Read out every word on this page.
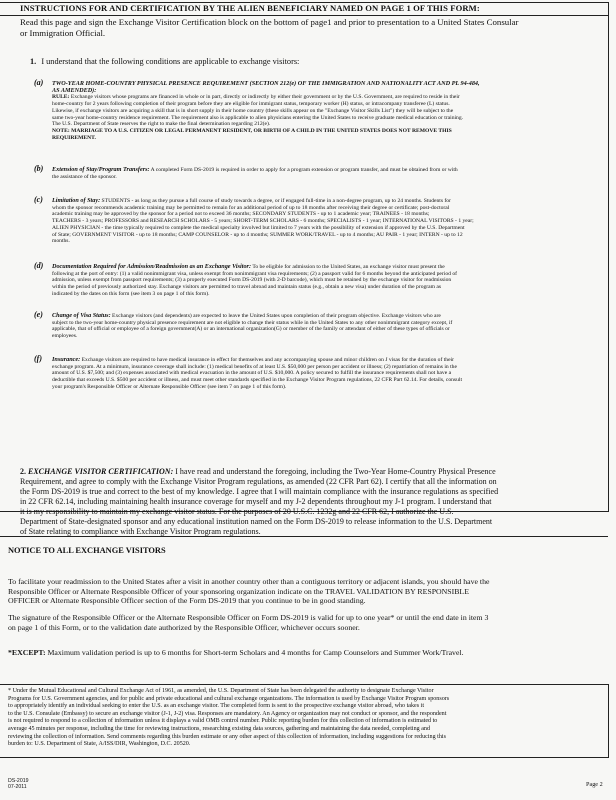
INSTRUCTIONS FOR AND CERTIFICATION BY THE ALIEN BENEFICIARY NAMED ON PAGE 1 OF THIS FORM:
Read this page and sign the Exchange Visitor Certification block on the bottom of page1 and prior to presentation to a United States Consular
or Immigration Official.
1. I understand that the following conditions are applicable to exchange visitors:
(a) TWO-YEAR HOME-COUNTRY PHYSICAL PRESENCE REQUIREMENT (SECTION 212(e) OF THE IMMIGRATION AND NATIONALITY ACT AND PL 94-484,
AS AMENDED):
RULE: Exchange visitors whose programs are financed in whole or in part, directly or indirectly by either their government or by the U.S. Government, are required to reside in their
home-country for 2 years following completion of their program before they are eligible for immigrant status, temporary worker (H) status, or intracompany transferee (L) status.
Likewise, if exchange visitors are acquiring a skill that is in short supply in their home country (these skills appear on the "Exchange Visitor Skills List") they will be subject to the
same two-year home-country residence requirement. The requirement also is applicable to alien physicians entering the United States to receive graduate medical education or training.
The U.S. Department of State reserves the right to make the final determination regarding 212(e).
NOTE: MARRIAGE TO A U.S. CITIZEN OR LEGAL PERMANENT RESIDENT, OR BIRTH OF A CHILD IN THE UNITED STATES DOES NOT REMOVE THIS
REQUIREMENT.
(b) Extension of Stay/Program Transfers: A completed Form DS-2019 is required in order to apply for a program extension or program transfer, and must be obtained from or with
the assistance of the sponsor.
(c) Limitation of Stay: STUDENTS - as long as they pursue a full course of study towards a degree, or if engaged full-time in a non-degree program, up to 24 months. Students for
whom the sponsor recommends academic training may be permitted to remain for an additional period of up to 18 months after receiving their degree or certificate; post-doctoral
academic training may be approved by the sponsor for a period not to exceed 36 months; SECONDARY STUDENTS - up to 1 academic year; TRAINEES - 18 months;
TEACHERS - 3 years; PROFESSORS and RESEARCH SCHOLARS - 5 years; SHORT-TERM SCHOLARS - 6 months; SPECIALISTS - 1 year; INTERNATIONAL VISITORS - 1 year;
ALIEN PHYSICIAN - the time typically required to complete the medical specialty involved but limited to 7 years with the possibility of extension if approved by the U.S. Department
of State; GOVERNMENT VISITOR - up to 18 months; CAMP COUNSELOR - up to 4 months; SUMMER WORK/TRAVEL - up to 4 months; AU PAIR - 1 year; INTERN - up to 12
months.
(d) Documentation Required for Admission/Readmission as an Exchange Visitor: To be eligible for admission to the United States, an exchange visitor must present the
following at the port of entry: (1) a valid nonimmigrant visa, unless exempt from nonimmigrant visa requirements; (2) a passport valid for 6 months beyond the anticipated period of
admission, unless exempt from passport requirements; (3) a properly executed Form DS-2019 (with 2-D barcode), which must be retained by the exchange visitor for readmission
within the period of previously authorized stay. Exchange visitors are permitted to travel abroad and maintain status (e.g., obtain a new visa) under duration of the program as
indicated by the dates on this form (see item 3 on page 1 of this form).
(e) Change of Visa Status: Exchange visitors (and dependents) are expected to leave the United States upon completion of their program objective. Exchange visitors who are
subject to the two-year home-country physical presence requirement are not eligible to change their status while in the United States to any other nonimmigrant category except, if
applicable, that of official or employee of a foreign government(A) or an international organization(G) or member of the family or attendant of either of these types of officials or
employees.
(f) Insurance: Exchange visitors are required to have medical insurance in effect for themselves and any accompanying spouse and minor children on J visas for the duration of their
exchange program. At a minimum, insurance coverage shall include: (1) medical benefits of at least U.S. $50,000 per person per accident or illness; (2) repatriation of remains in the
amount of U.S. $7,500; and (3) expenses associated with medical evacuation in the amount of U.S. $10,000. A policy secured to fulfill the insurance requirements shall not have a
deductible that exceeds U.S. $500 per accident or illness, and must meet other standards specified in the Exchange Visitor Program regulations, 22 CFR Part 62.14. For details, consult
your program's Responsible Officer or Alternate Responsible Officer (see item 7 on page 1 of this form).
2. EXCHANGE VISITOR CERTIFICATION: I have read and understand the foregoing, including the Two-Year Home-Country Physical Presence
Requirement, and agree to comply with the Exchange Visitor Program regulations, as amended (22 CFR Part 62). I certify that all the information on
the Form DS-2019 is true and correct to the best of my knowledge. I agree that I will maintain compliance with the insurance regulations as specified
in 22 CFR 62.14, including maintaining health insurance coverage for myself and my J-2 dependents throughout my J-1 program. I understand that
it is my responsibility to maintain my exchange visitor status. For the purposes of 20 U.S.C. 1232g and 22 CFR 62, I authorize the U.S.
Department of State-designated sponsor and any educational institution named on the Form DS-2019 to release information to the U.S. Department
of State relating to compliance with Exchange Visitor Program regulations.
NOTICE TO ALL EXCHANGE VISITORS
To facilitate your readmission to the United States after a visit in another country other than a contiguous territory or adjacent islands, you should have the
Responsible Officer or Alternate Responsible Officer of your sponsoring organization indicate on the TRAVEL VALIDATION BY RESPONSIBLE
OFFICER or Alternate Responsible Officer section of the Form DS-2019 that you continue to be in good standing.
The signature of the Responsible Officer or the Alternate Responsible Officer on Form DS-2019 is valid for up to one year* or until the end date in item 3
on page 1 of this Form, or to the validation date authorized by the Responsible Officer, whichever occurs sooner.
*EXCEPT: Maximum validation period is up to 6 months for Short-term Scholars and 4 months for Camp Counselors and Summer Work/Travel.
* Under the Mutual Educational and Cultural Exchange Act of 1961, as amended, the U.S. Department of State has been delegated the authority to designate Exchange Visitor
Programs for U.S. Government agencies, and for public and private educational and cultural exchange organizations. The information is used by Exchange Visitor Program sponsors
to appropriately identify an individual seeking to enter the U.S. as an exchange visitor. The completed form is sent to the prospective exchange visitor abroad, who takes it
to the U.S. Consulate (Embassy) to secure an exchange visitor (J-1, J-2) visa. Responses are mandatory. An Agency or organization may not conduct or sponsor, and the respondent
is not required to respond to a collection of information unless it displays a valid OMB control number. Public reporting burden for this collection of information is estimated to
average 45 minutes per response, including the time for reviewing instructions, researching existing data sources, gathering and maintaining the data needed, completing and
reviewing the collection of information. Send comments regarding this burden estimate or any other aspect of this collection of information, including suggestions for reducing this
burden to: U.S. Department of State, A/ISS/DIR, Washington, D.C. 20520.
DS-2019
07-2011	Page 2
